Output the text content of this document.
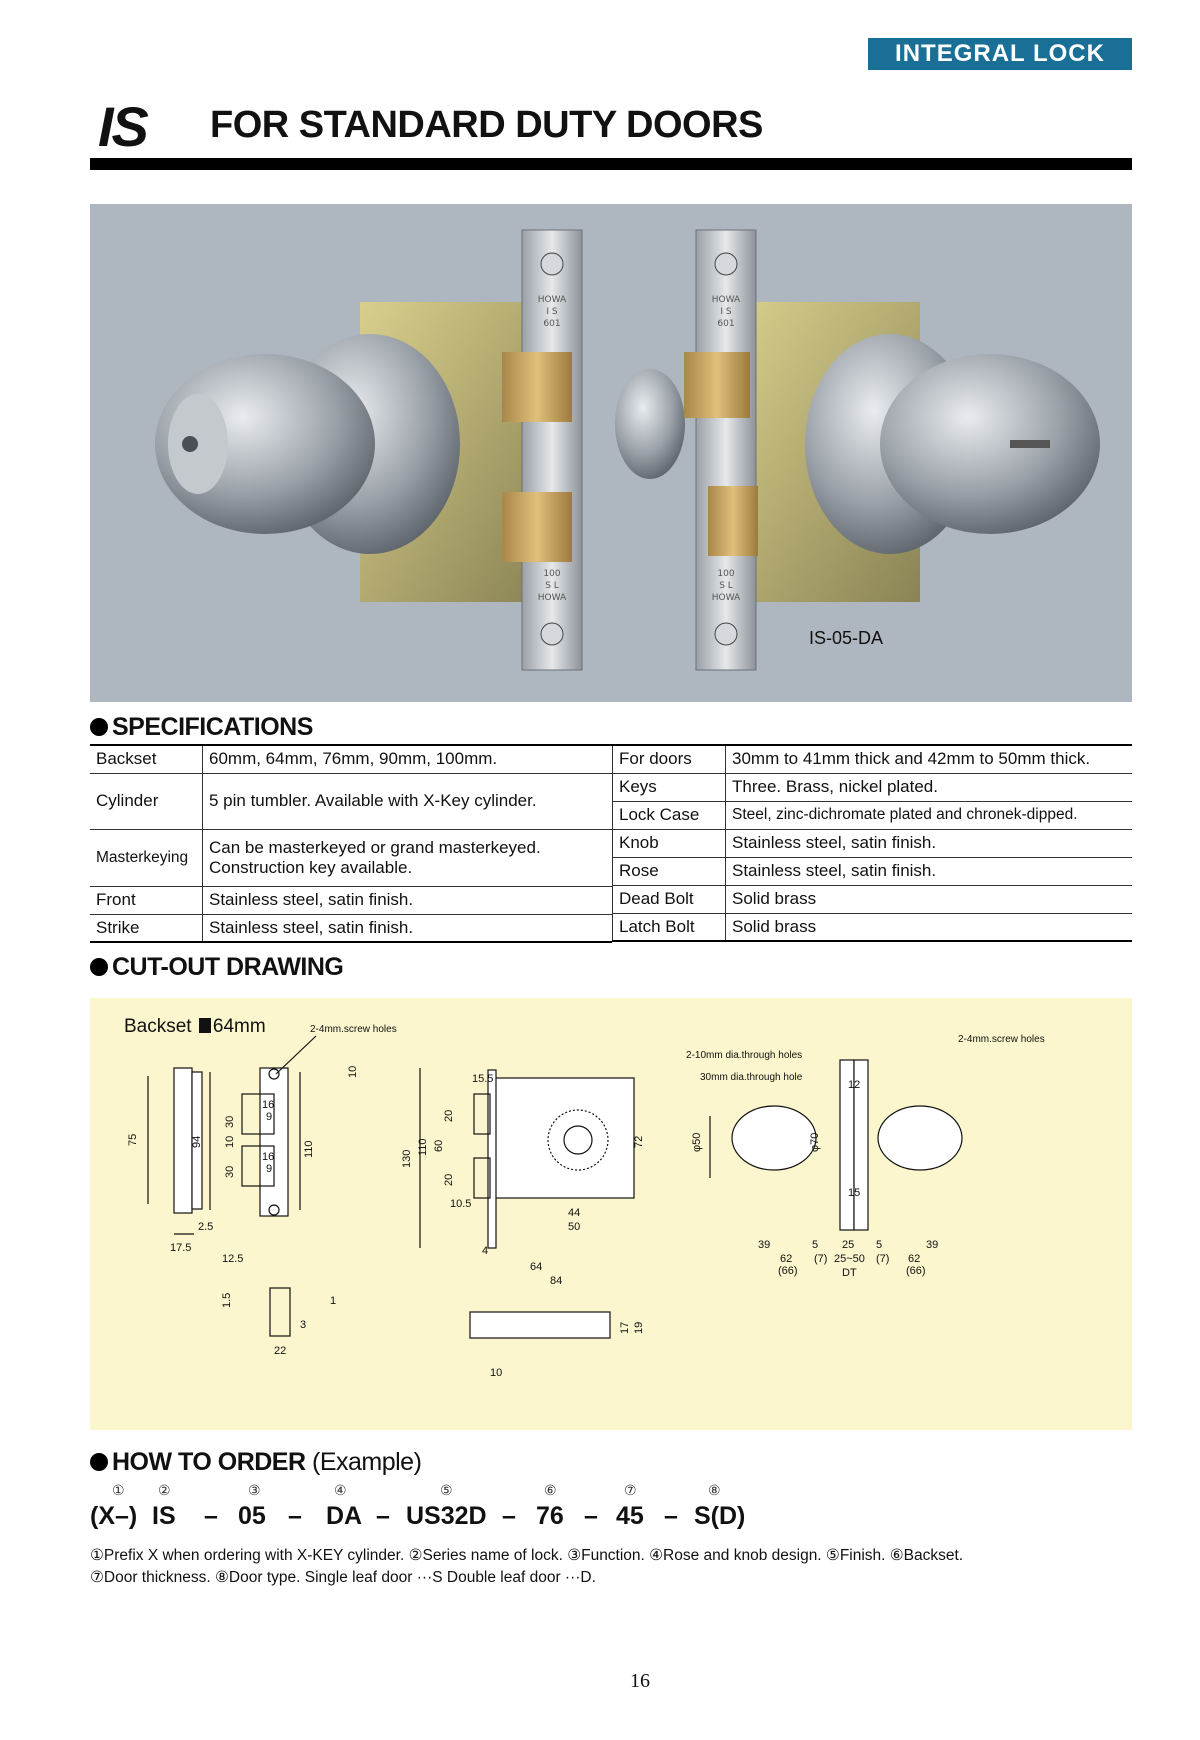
INTEGRAL LOCK
IS FOR STANDARD DUTY DOORS
HOWA
I S
601
100
S L
HOWA
HOWA
I S
601
100
S L
HOWA
IS-05-DA
SPECIFICATIONS
Backset	60mm, 64mm, 76mm, 90mm, 100mm.
Cylinder	5 pin tumbler. Available with X-Key cylinder.
Masterkeying	Can be masterkeyed or grand masterkeyed. Construction key available.
Front	Stainless steel, satin finish.
Strike	Stainless steel, satin finish.
For doors	30mm to 41mm thick and 42mm to 50mm thick.
Keys	Three. Brass, nickel plated.
Lock Case	Steel, zinc-dichromate plated and chronek-dipped.
Knob	Stainless steel, satin finish.
Rose	Stainless steel, satin finish.
Dead Bolt	Solid brass
Latch Bolt	Solid brass
CUT-OUT DRAWING
Backset 64mm
75
2.5
17.5
94
30
10
30
16
9
16
9
12.5
110
1.5	1
22
3
10
2-4mm.screw holes
130
110 60
20
20
15.5
10.5
72
44
50
4
64
84
17 19
10
2-10mm dia.through holes
30mm dia.through hole
φ50	φ70
12
15
39	5 25 5	39
62
(66)
(7) 25~50 (7) 62
(66)
DT
2-4mm.screw holes
HOW TO ORDER (Example)
① ②	③	④	⑤	⑥	⑦	⑧
(X–) IS – 05 – DA – US32D – 76 – 45 – S(D)
①Prefix X when ordering with X-KEY cylinder. ②Series name of lock. ③Function. ④Rose and knob design. ⑤Finish. ⑥Backset.
⑦Door thickness. ⑧Door type. Single leaf door ···S Double leaf door ···D.
16
